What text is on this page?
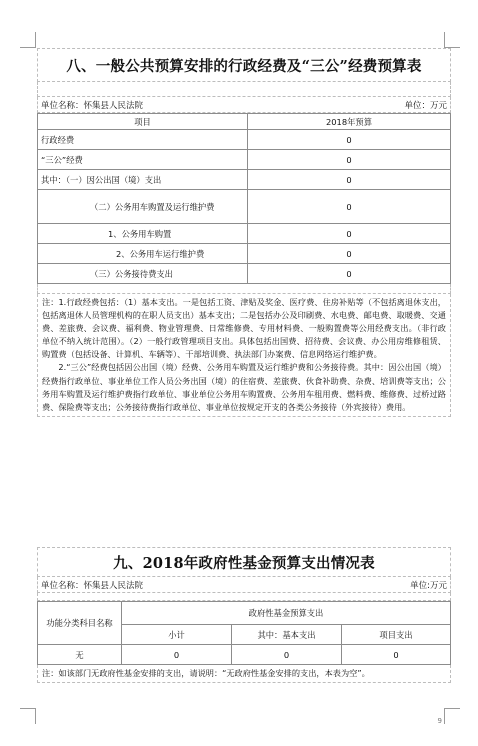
八、一般公共预算安排的行政经费及“三公”经费预算表
单位名称：怀集县人民法院	单位：万元
项目	2018年预算
行政经费	0
“三公”经费	0
其中：（一）因公出国（境）支出	0
（二）公务用车购置及运行维护费	0
1、公务用车购置	0
2、公务用车运行维护费	0
（三）公务接待费支出	0

注：1.行政经费包括：（1）基本支出。一是包括工资、津贴及奖金、医疗费、住房补贴等（不包括离退休支出，包括离退休人员管理机构的在职人员支出）基本支出；二是包括办公及印刷费、水电费、邮电费、取暖费、交通费、差旅费、会议费、福利费、物业管理费、日常维修费、专用材料费、一般购置费等公用经费支出。（非行政单位不纳入统计范围）。（2）一般行政管理项目支出。具体包括出国费、招待费、会议费、办公用房维修租赁、购置费（包括设备、计算机、车辆等）、干部培训费、执法部门办案费、信息网络运行维护费。

2.“三公”经费包括因公出国（境）经费、公务用车购置及运行维护费和公务接待费。其中：因公出国（境）经费指行政单位、事业单位工作人员公务出国（境）的住宿费、差旅费、伙食补助费、杂费、培训费等支出；公务用车购置及运行维护费指行政单位、事业单位公务用车购置费、公务用车租用费、燃料费、维修费、过桥过路费、保险费等支出；公务接待费指行政单位、事业单位按规定开支的各类公务接待（外宾接待）费用。

九、2018年政府性基金预算支出情况表
单位名称：怀集县人民法院	单位:万元
功能分类科目名称	政府性基金预算支出		
	小计	其中：基本支出	项目支出
无	0	0	0

注：如该部门无政府性基金安排的支出，请说明：“无政府性基金安排的支出，本表为空”。

9
